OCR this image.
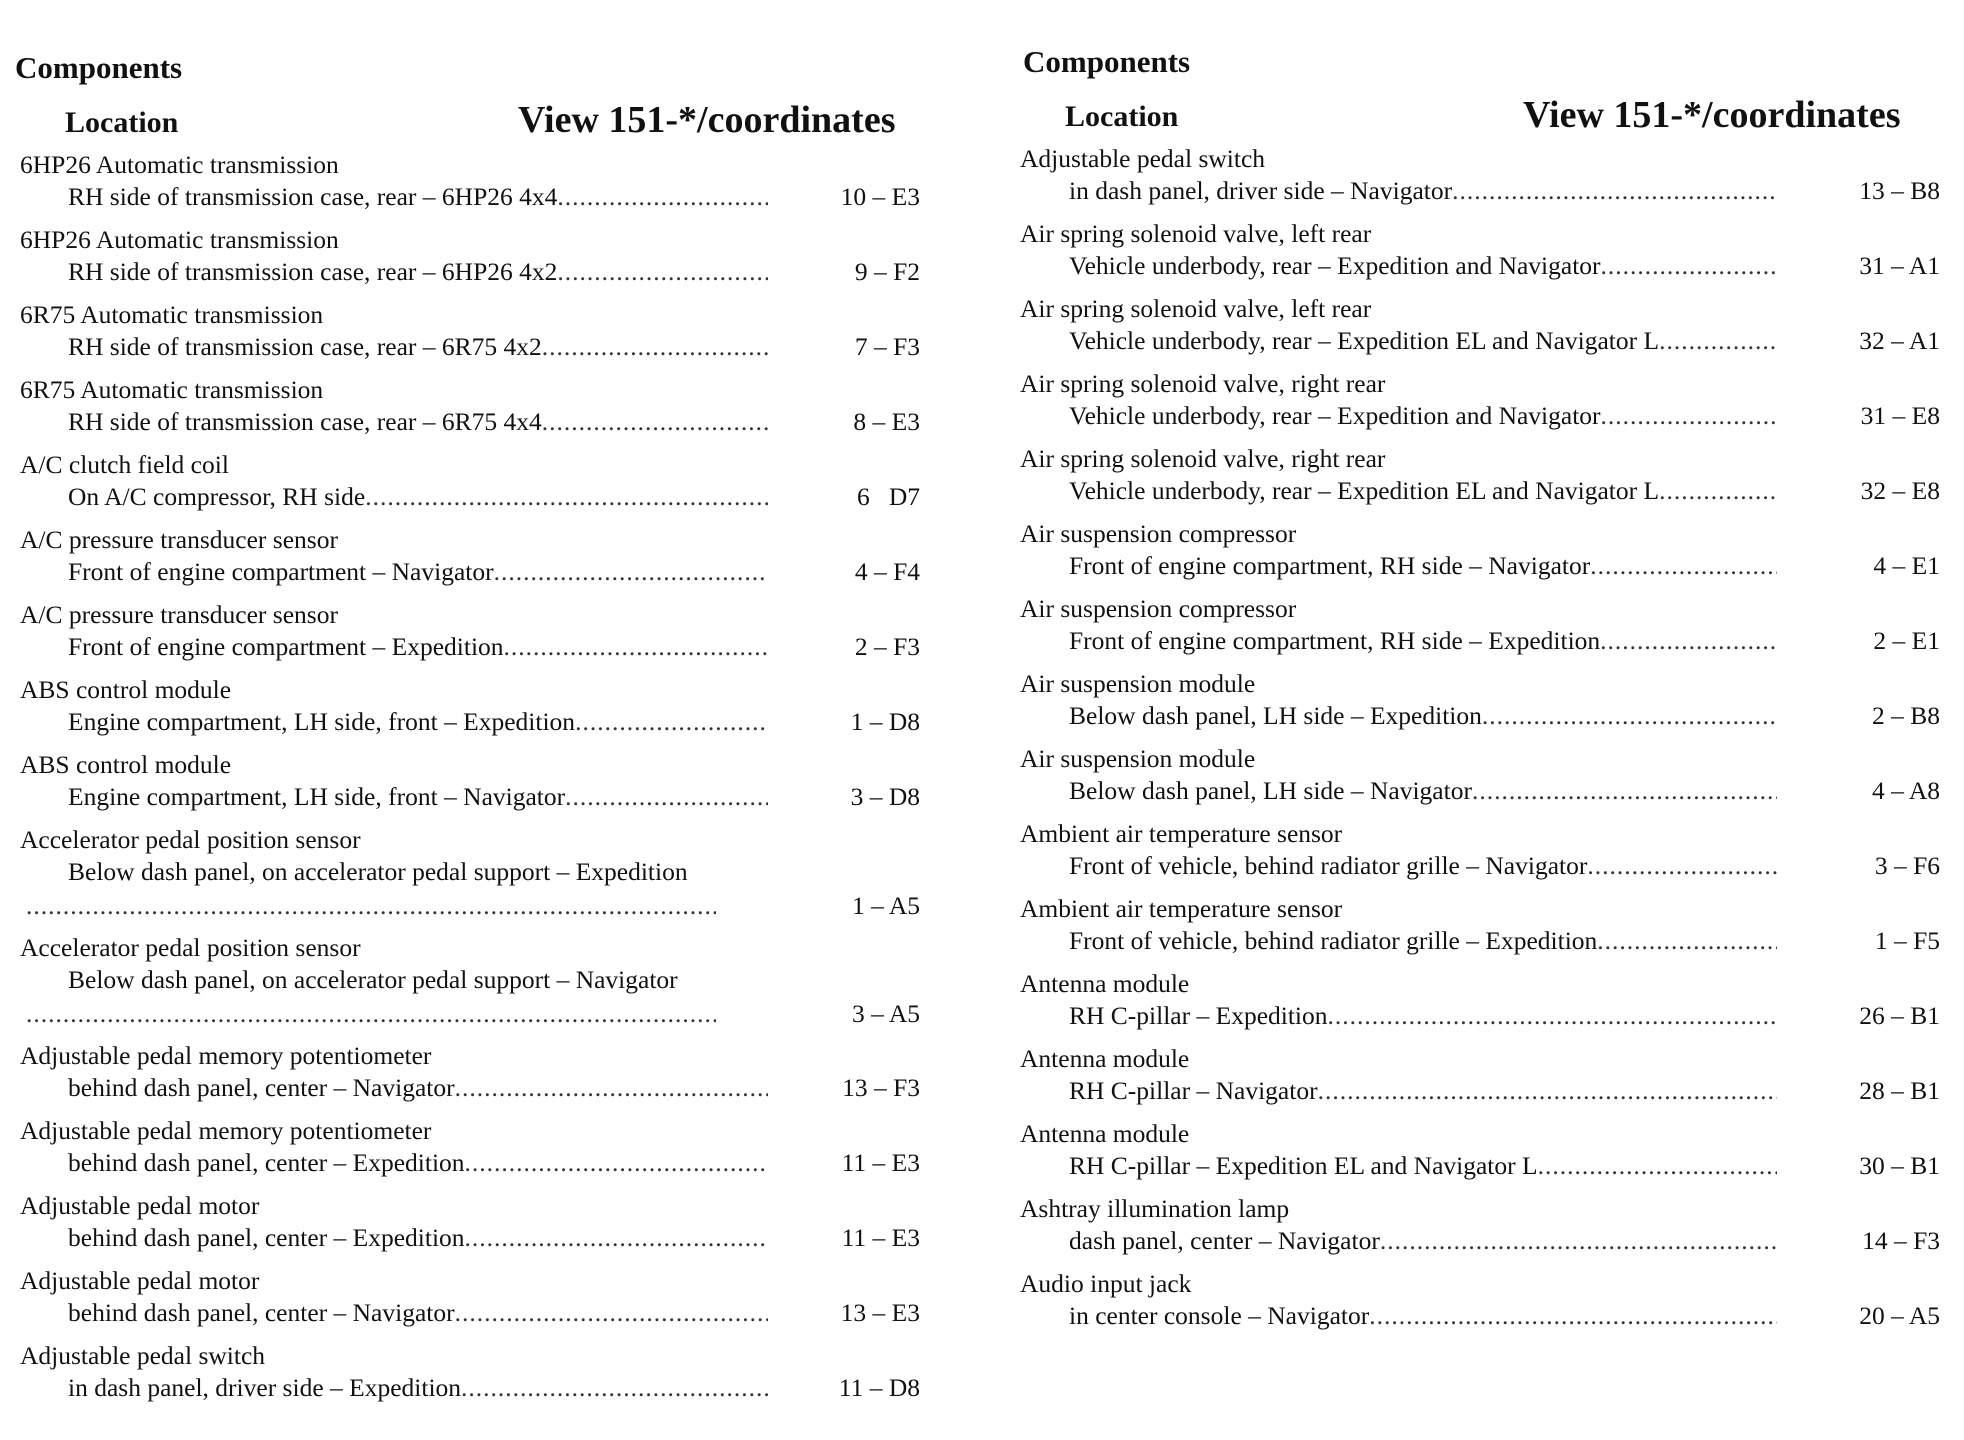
Components
Location	View 151-*/coordinates
6HP26 Automatic transmission
RH side of transmission case, rear – 6HP26 4x4 .....	10 – E3
6HP26 Automatic transmission
RH side of transmission case, rear – 6HP26 4x2 .....	9 – F2
6R75 Automatic transmission
RH side of transmission case, rear – 6R75 4x2 .....	7 – F3
6R75 Automatic transmission
RH side of transmission case, rear – 6R75 4x4 .....	8 – E3
A/C clutch field coil
On A/C compressor, RH side .....	6   D7
A/C pressure transducer sensor
Front of engine compartment – Navigator .....	4 – F4
A/C pressure transducer sensor
Front of engine compartment – Expedition .....	2 – F3
ABS control module
Engine compartment, LH side, front – Expedition .....	1 – D8
ABS control module
Engine compartment, LH side, front – Navigator .....	3 – D8
Accelerator pedal position sensor
Below dash panel, on accelerator pedal support – Expedition
.....
1 – A5
Accelerator pedal position sensor
Below dash panel, on accelerator pedal support – Navigator
.....
3 – A5
Adjustable pedal memory potentiometer
behind dash panel, center – Navigator .....	13 – F3
Adjustable pedal memory potentiometer
behind dash panel, center – Expedition .....	11 – E3
Adjustable pedal motor
behind dash panel, center – Expedition .....	11 – E3
Adjustable pedal motor
behind dash panel, center – Navigator .....	13 – E3
Adjustable pedal switch
in dash panel, driver side – Expedition .....	11 – D8
Components
Location	View 151-*/coordinates
Adjustable pedal switch
in dash panel, driver side – Navigator .....	13 – B8
Air spring solenoid valve, left rear
Vehicle underbody, rear – Expedition and Navigator .....	31 – A1
Air spring solenoid valve, left rear
Vehicle underbody, rear – Expedition EL and Navigator L .....	32 – A1
Air spring solenoid valve, right rear
Vehicle underbody, rear – Expedition and Navigator .....	31 – E8
Air spring solenoid valve, right rear
Vehicle underbody, rear – Expedition EL and Navigator L .....	32 – E8
Air suspension compressor
Front of engine compartment, RH side – Navigator .....	4 – E1
Air suspension compressor
Front of engine compartment, RH side – Expedition .....	2 – E1
Air suspension module
Below dash panel, LH side – Expedition .....	2 – B8
Air suspension module
Below dash panel, LH side – Navigator .....	4 – A8
Ambient air temperature sensor
Front of vehicle, behind radiator grille – Navigator .....	3 – F6
Ambient air temperature sensor
Front of vehicle, behind radiator grille – Expedition .....	1 – F5
Antenna module
RH C-pillar – Expedition .....	26 – B1
Antenna module
RH C-pillar – Navigator .....	28 – B1
Antenna module
RH C-pillar – Expedition EL and Navigator L .....	30 – B1
Ashtray illumination lamp
dash panel, center – Navigator .....	14 – F3
Audio input jack
in center console – Navigator .....	20 – A5
